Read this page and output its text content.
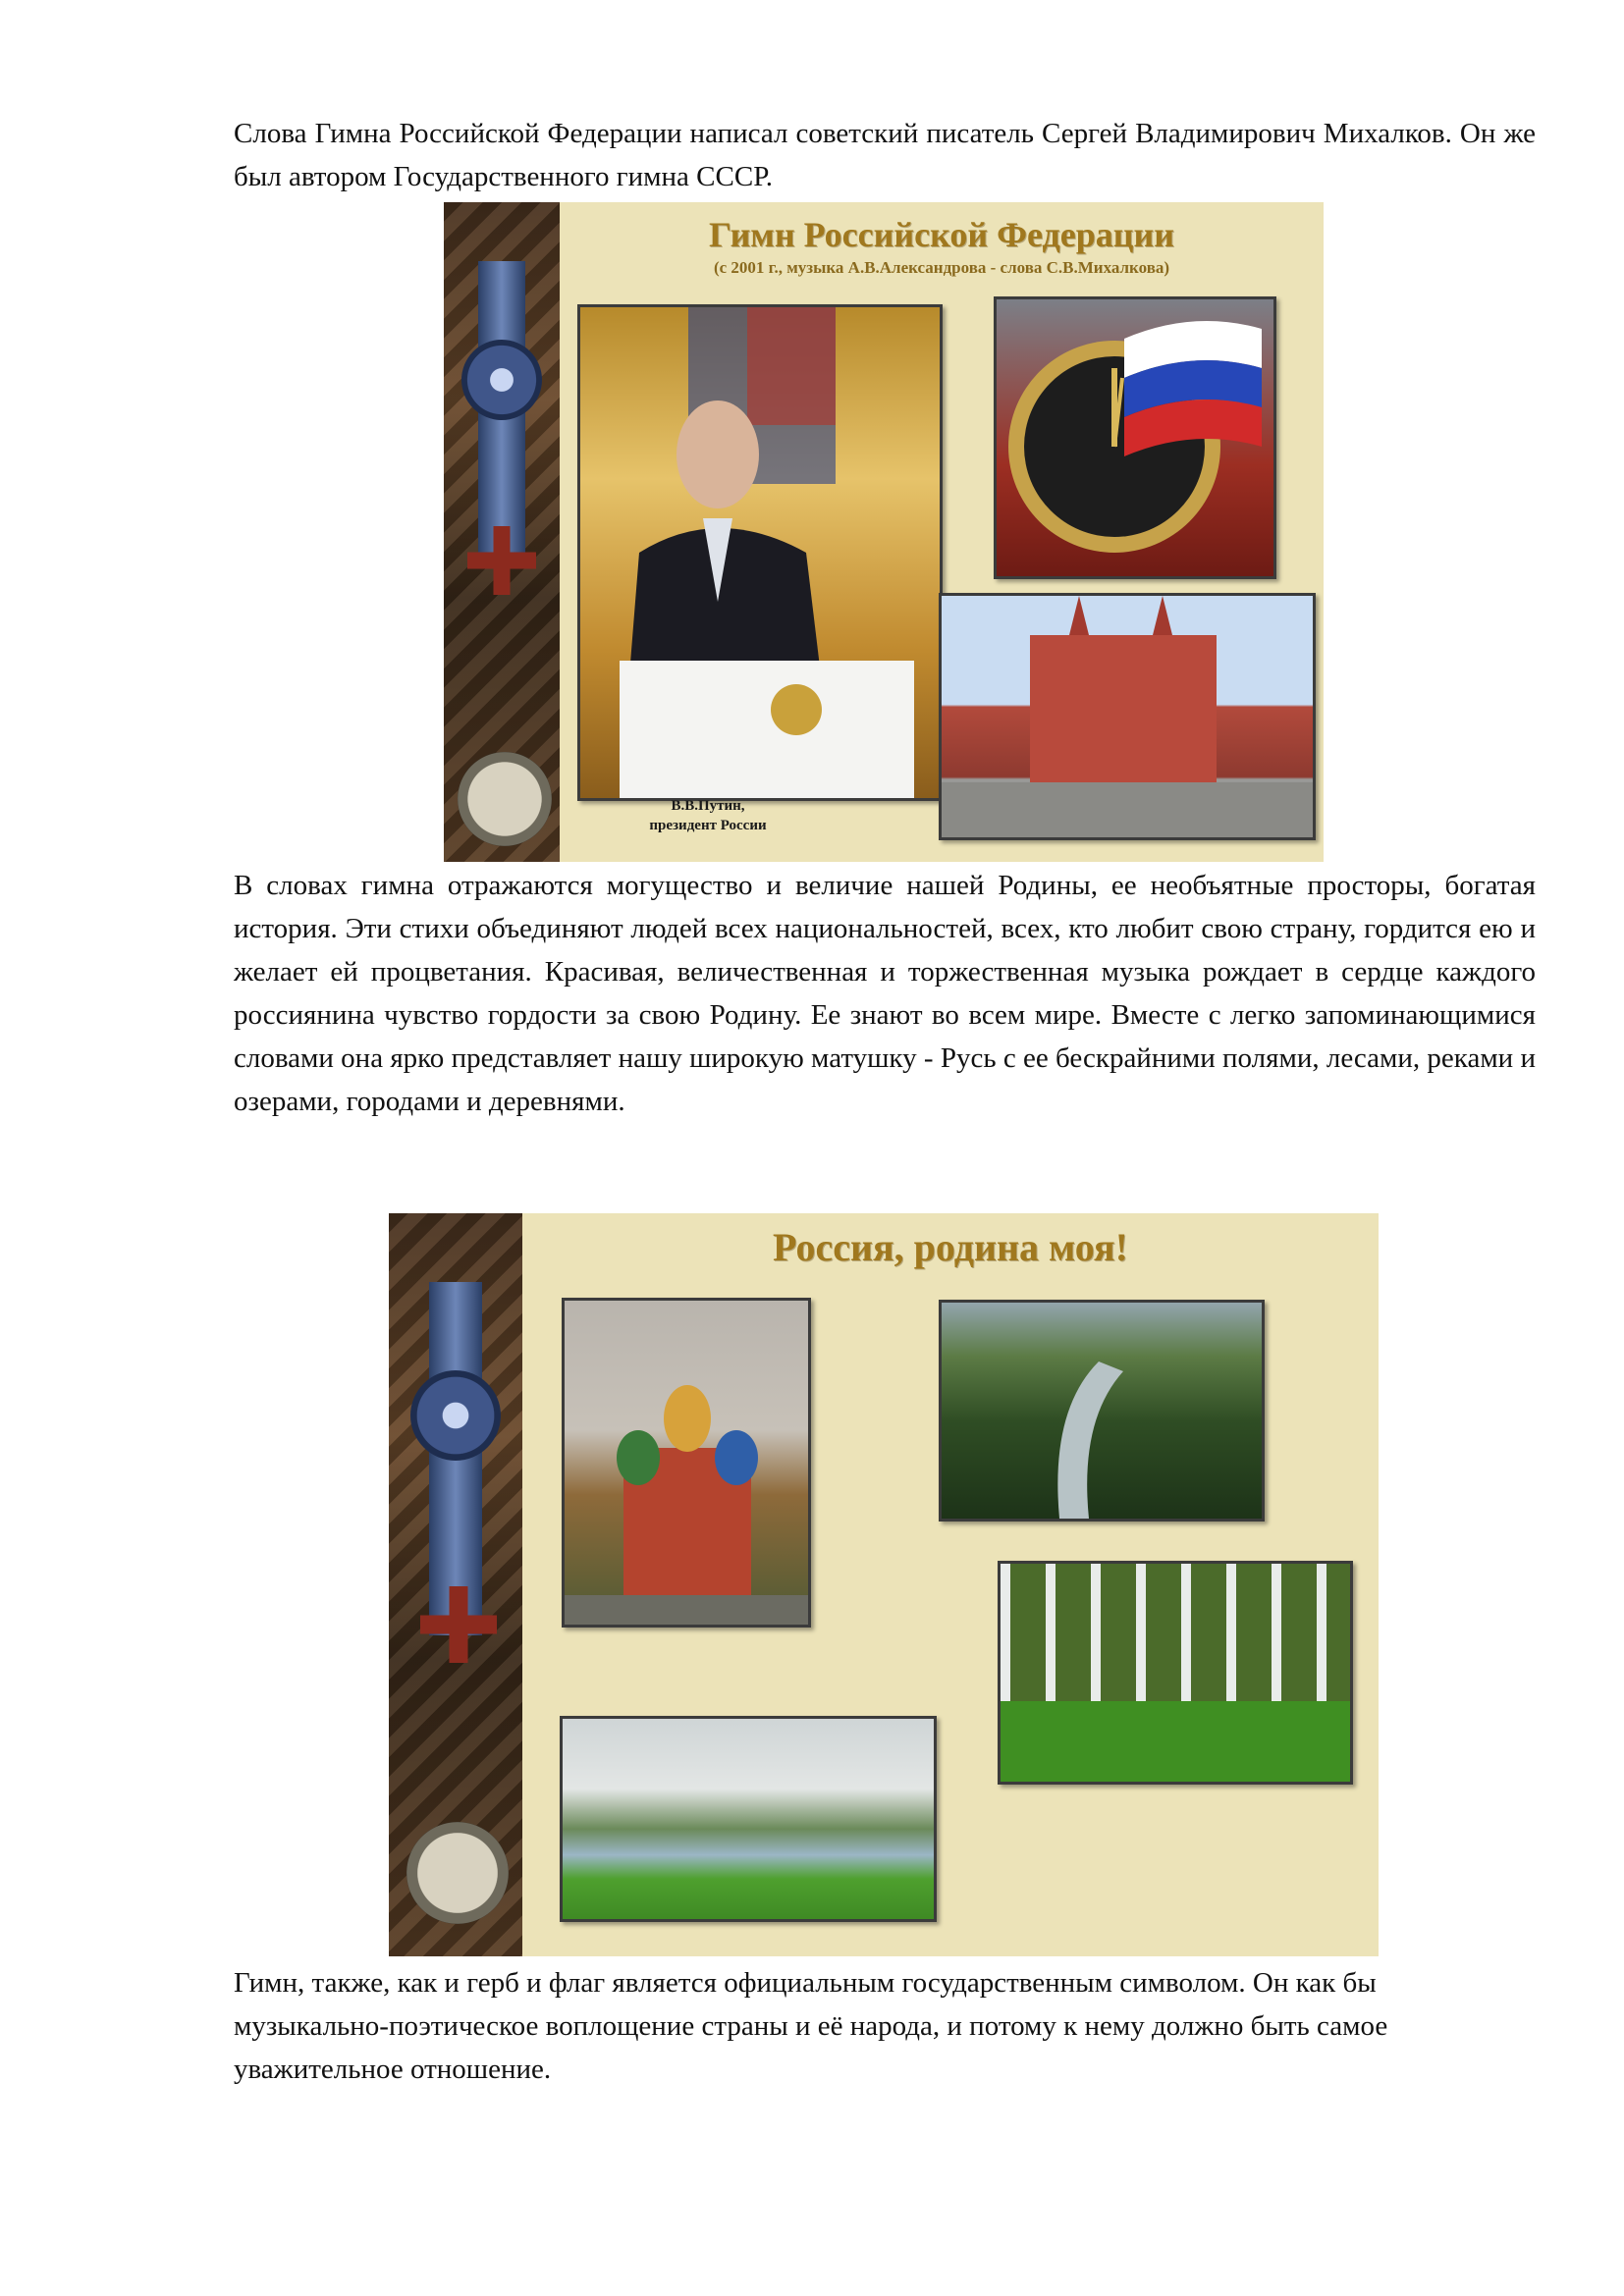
Слова Гимна Российской Федерации написал советский писатель Сергей Владимирович Михалков. Он же был автором Государственного гимна СССР.

Гимн Российской Федерации

(с 2001 г., музыка А.В.Александрова - слова С.В.Михалкова)

В.В.Путин,
президент России

В словах гимна отражаются могущество и величие нашей Родины, ее необъятные просторы, богатая история. Эти стихи объединяют людей всех национальностей, всех, кто любит свою страну, гордится ею и желает ей процветания. Красивая, величественная и торжественная музыка рождает в сердце каждого россиянина чувство гордости за свою Родину. Ее знают во всем мире. Вместе с легко запоминающимися словами она ярко представляет нашу широкую матушку - Русь с ее бескрайними полями, лесами, реками и озерами, городами и деревнями.

Россия, родина моя!

Гимн, также, как и герб и флаг является официальным государственным символом. Он как бы музыкально-поэтическое воплощение страны и её народа, и потому к нему должно быть самое уважительное отношение.
